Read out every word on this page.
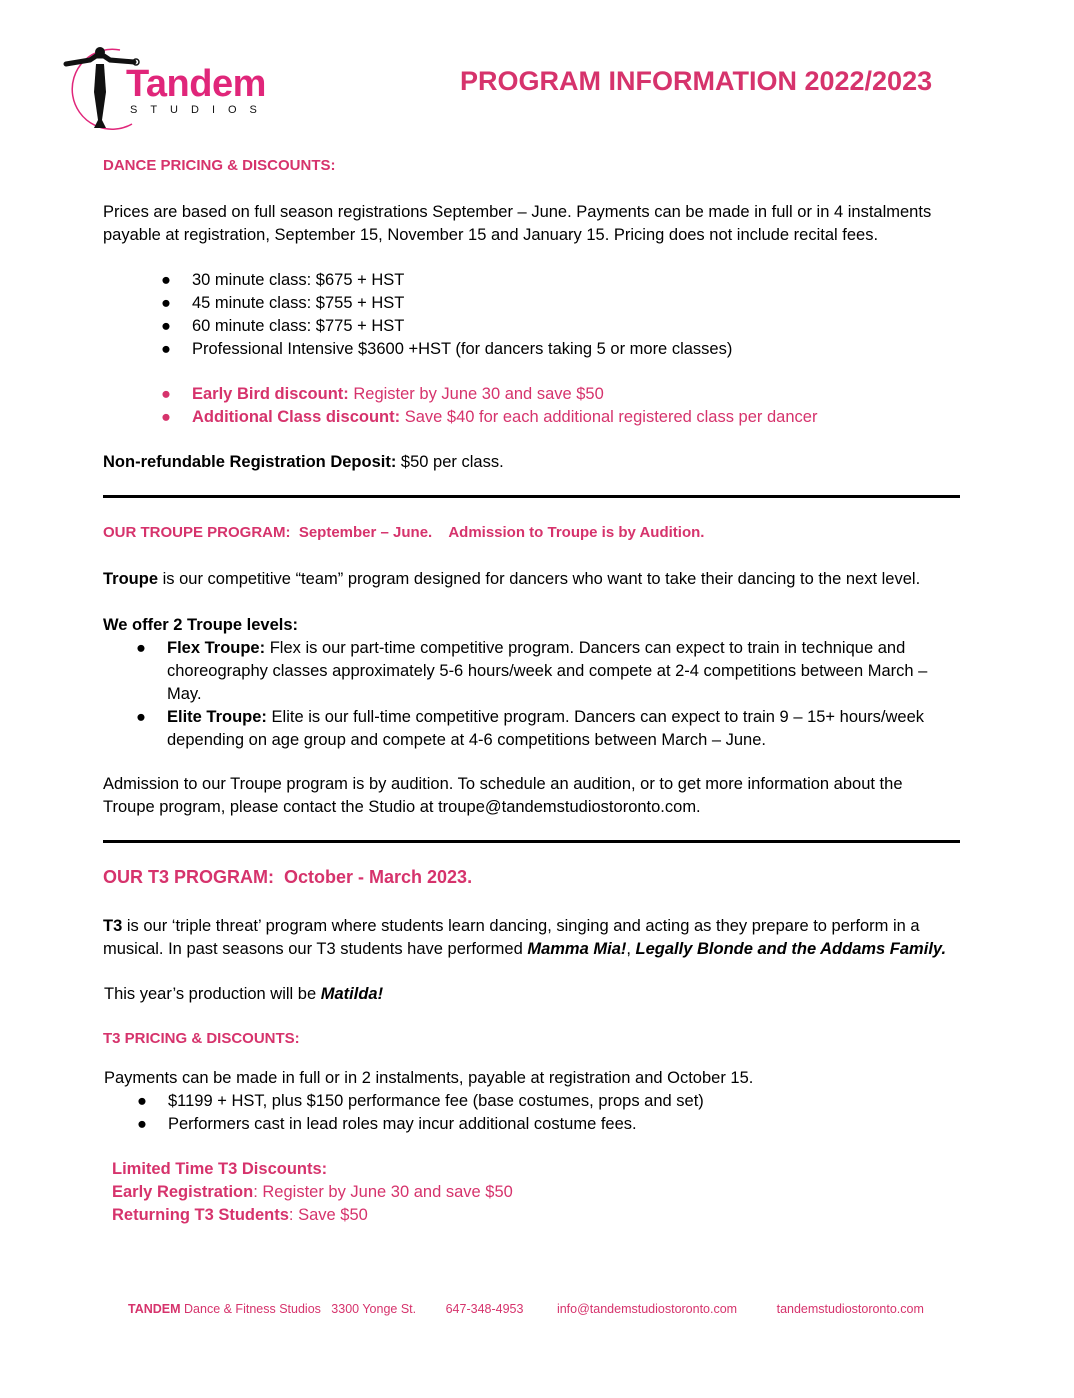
Tandem
STUDIOS
PROGRAM INFORMATION 2022/2023
DANCE PRICING & DISCOUNTS:
Prices are based on full season registrations September – June. Payments can be made in full or in 4 instalments
payable at registration, September 15, November 15 and January 15. Pricing does not include recital fees.
● 30 minute class: $675 + HST
● 45 minute class: $755 + HST
● 60 minute class: $775 + HST
● Professional Intensive $3600 +HST (for dancers taking 5 or more classes)
● Early Bird discount: Register by June 30 and save $50
● Additional Class discount: Save $40 for each additional registered class per dancer
Non-refundable Registration Deposit: $50 per class.
OUR TROUPE PROGRAM:  September – June.    Admission to Troupe is by Audition.
Troupe is our competitive “team” program designed for dancers who want to take their dancing to the next level.
We offer 2 Troupe levels:
● Flex Troupe: Flex is our part-time competitive program. Dancers can expect to train in technique and
choreography classes approximately 5-6 hours/week and compete at 2-4 competitions between March –
May.
● Elite Troupe: Elite is our full-time competitive program. Dancers can expect to train 9 – 15+ hours/week
depending on age group and compete at 4-6 competitions between March – June.
Admission to our Troupe program is by audition. To schedule an audition, or to get more information about the
Troupe program, please contact the Studio at troupe@tandemstudiostoronto.com.
OUR T3 PROGRAM:  October - March 2023.
T3 is our ‘triple threat’ program where students learn dancing, singing and acting as they prepare to perform in a
musical. In past seasons our T3 students have performed Mamma Mia!, Legally Blonde and the Addams Family.
This year’s production will be Matilda!
T3 PRICING & DISCOUNTS:
Payments can be made in full or in 2 instalments, payable at registration and October 15.
● $1199 + HST, plus $150 performance fee (base costumes, props and set)
● Performers cast in lead roles may incur additional costume fees.
Limited Time T3 Discounts:
Early Registration: Register by June 30 and save $50
Returning T3 Students: Save $50
TANDEM Dance & Fitness Studios   3300 Yonge St. 647-348-4953	info@tandemstudiostoronto.com	tandemstudiostoronto.com
